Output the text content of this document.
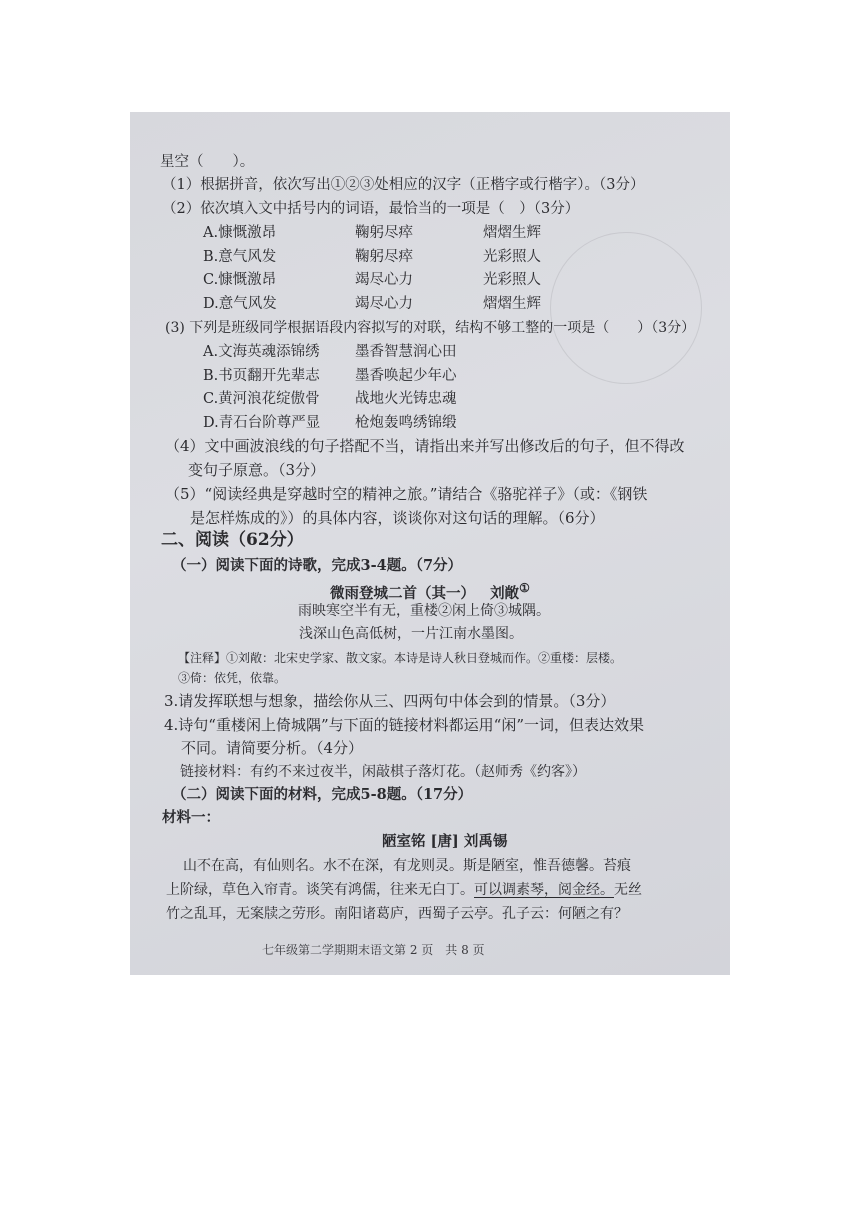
星空（　　）。
（1）根据拼音，依次写出①②③处相应的汉字（正楷字或行楷字）。（3分）
（2）依次填入文中括号内的词语，最恰当的一项是（　）（3分）
A.慷慨激昂	鞠躬尽瘁	熠熠生辉
B.意气风发	鞠躬尽瘁	光彩照人
C.慷慨激昂	竭尽心力	光彩照人
D.意气风发	竭尽心力	熠熠生辉
(3) 下列是班级同学根据语段内容拟写的对联，结构不够工整的一项是（　　）（3分）
A.文海英魂添锦绣 墨香智慧润心田
B.书页翻开先辈志 墨香唤起少年心
C.黄河浪花绽傲骨 战地火光铸忠魂
D.青石台阶尊严显 枪炮轰鸣绣锦缎
（4）文中画波浪线的句子搭配不当，请指出来并写出修改后的句子，但不得改
变句子原意。（3分）
（5）“阅读经典是穿越时空的精神之旅。”请结合《骆驼祥子》（或：《钢铁
是怎样炼成的》）的具体内容，谈谈你对这句话的理解。（6分）
二、阅读（62分）
（一）阅读下面的诗歌，完成3-4题。（7分）
微雨登城二首（其一） 刘敞①
雨映寒空半有无，重楼②闲上倚③城隅。
浅深山色高低树，一片江南水墨图。
【注释】①刘敞：北宋史学家、散文家。本诗是诗人秋日登城而作。②重楼：层楼。
③倚：依凭，依靠。
3.请发挥联想与想象，描绘你从三、四两句中体会到的情景。（3分）
4.诗句“重楼闲上倚城隅”与下面的链接材料都运用“闲”一词，但表达效果
不同。请简要分析。（4分）
链接材料：有约不来过夜半，闲敲棋子落灯花。（赵师秀《约客》）
（二）阅读下面的材料，完成5-8题。（17分）
材料一：
陋室铭 [唐] 刘禹锡
山不在高，有仙则名。水不在深，有龙则灵。斯是陋室，惟吾德馨。苔痕
上阶绿，草色入帘青。谈笑有鸿儒，往来无白丁。可以调素琴，阅金经。无丝
竹之乱耳，无案牍之劳形。南阳诸葛庐，西蜀子云亭。孔子云：何陋之有？
七年级第二学期期末语文第 2 页　共 8 页
